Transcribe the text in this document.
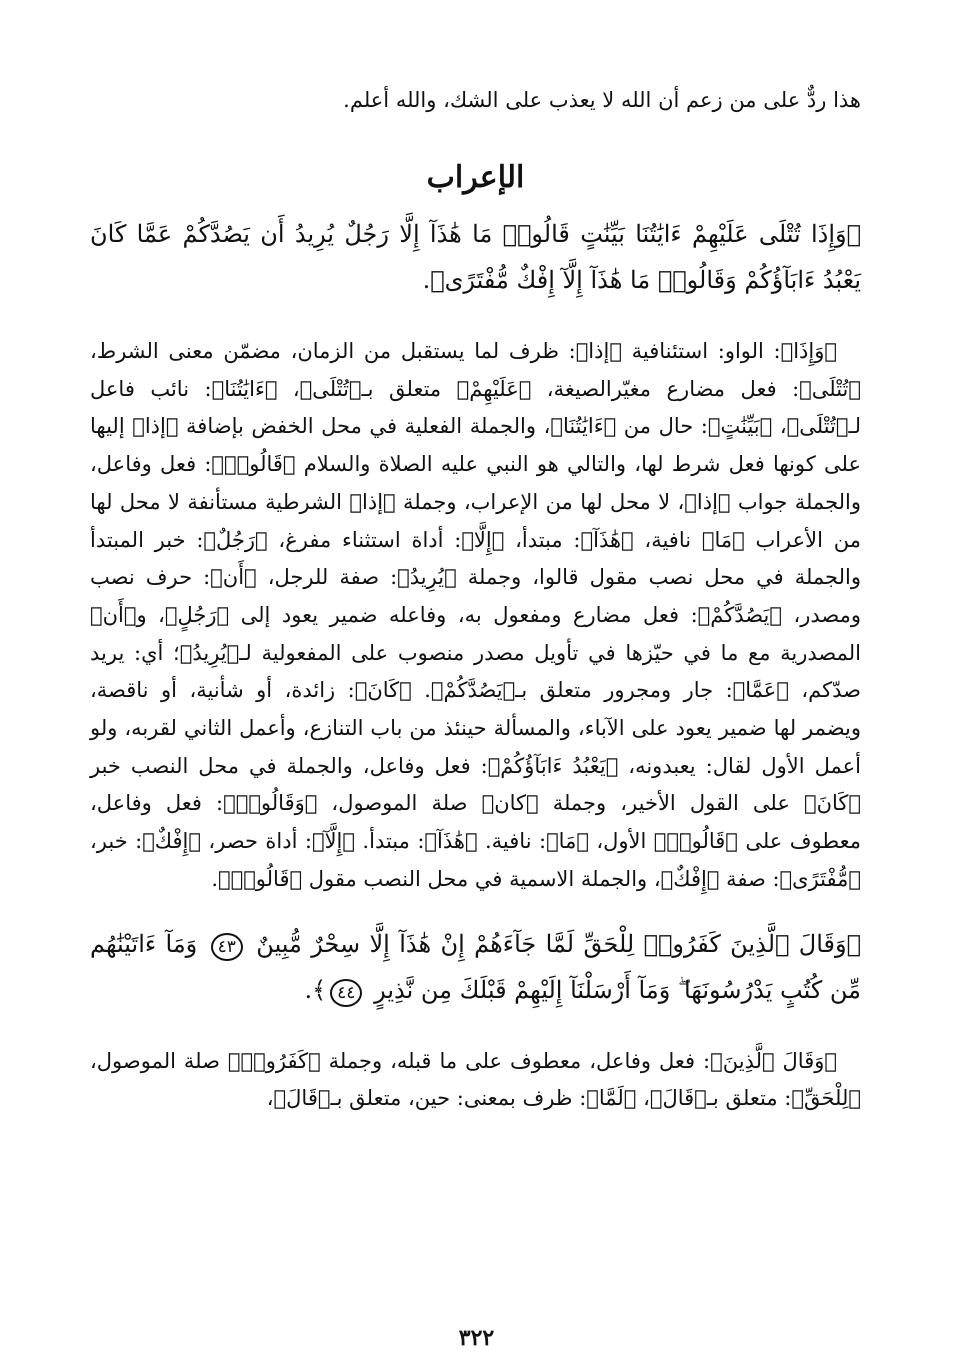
هذا ردٌّ على من زعم أن الله لا يعذب على الشك، والله أعلم.

الإعراب

﴿وَإِذَا تُتْلَى عَلَيْهِمْ ءَايَٰتُنَا بَيِّنَٰتٍ قَالُوا۟ مَا هَٰذَآ إِلَّا رَجُلٌ يُرِيدُ أَن يَصُدَّكُمْ عَمَّا كَانَ يَعْبُدُ ءَابَآؤُكُمْ وَقَالُوا۟ مَا هَٰذَآ إِلَّآ إِفْكٌ مُّفْتَرًى﴾.

﴿وَإِذَا﴾: الواو: استئنافية ﴿إذا﴾: ظرف لما يستقبل من الزمان، مضمّن معنى الشرط، ﴿تُتْلَى﴾: فعل مضارع مغيّرالصيغة، ﴿عَلَيْهِمْ﴾ متعلق بـ﴿تُتْلَى﴾، ﴿ءَايَٰتُنَا﴾: نائب فاعل لـ﴿تُتْلَى﴾، ﴿بَيِّنَٰتٍ﴾: حال من ﴿ءَايَٰتُنَا﴾، والجملة الفعلية في محل الخفض بإضافة ﴿إذا﴾ إليها على كونها فعل شرط لها، والتالي هو النبي عليه الصلاة والسلام ﴿قَالُوا۟﴾: فعل وفاعل، والجملة جواب ﴿إذا﴾، لا محل لها من الإعراب، وجملة ﴿إذا﴾ الشرطية مستأنفة لا محل لها من الأعراب ﴿مَا﴾ نافية، ﴿هَٰذَآ﴾: مبتدأ، ﴿إِلَّا﴾: أداة استثناء مفرغ، ﴿رَجُلٌ﴾: خبر المبتدأ والجملة في محل نصب مقول قالوا، وجملة ﴿يُرِيدُ﴾: صفة للرجل، ﴿أَن﴾: حرف نصب ومصدر، ﴿يَصُدَّكُمْ﴾: فعل مضارع ومفعول به، وفاعله ضمير يعود إلى ﴿رَجُلٍ﴾، و﴿أَن﴾ المصدرية مع ما في حيّزها في تأويل مصدر منصوب على المفعولية لـ﴿يُرِيدُ﴾؛ أي: يريد صدّكم، ﴿عَمَّا﴾: جار ومجرور متعلق بـ﴿يَصُدَّكُمْ﴾. ﴿كَانَ﴾: زائدة، أو شأنية، أو ناقصة، ويضمر لها ضمير يعود على الآباء، والمسألة حينئذ من باب التنازع، وأعمل الثاني لقربه، ولو أعمل الأول لقال: يعبدونه، ﴿يَعْبُدُ ءَابَآؤُكُمْ﴾: فعل وفاعل، والجملة في محل النصب خبر ﴿كَانَ﴾ على القول الأخير، وجملة ﴿كان﴾ صلة الموصول، ﴿وَقَالُوا۟﴾: فعل وفاعل، معطوف على ﴿قَالُوا۟﴾ الأول، ﴿مَا﴾: نافية. ﴿هَٰذَآ﴾: مبتدأ. ﴿إِلَّآ﴾: أداة حصر، ﴿إِفْكٌ﴾: خبر، ﴿مُّفْتَرًى﴾: صفة ﴿إِفْكٌ﴾، والجملة الاسمية في محل النصب مقول ﴿قَالُوا۟﴾.

﴿وَقَالَ ٱلَّذِينَ كَفَرُوا۟ لِلْحَقِّ لَمَّا جَآءَهُمْ إِنْ هَٰذَآ إِلَّا سِحْرٌ مُّبِينٌ ٤٣ وَمَآ ءَاتَيْنَٰهُم مِّن كُتُبٍ يَدْرُسُونَهَا ۖ وَمَآ أَرْسَلْنَآ إِلَيْهِمْ قَبْلَكَ مِن نَّذِيرٍ ٤٤﴾.

﴿وَقَالَ ٱلَّذِينَ﴾: فعل وفاعل، معطوف على ما قبله، وجملة ﴿كَفَرُوا۟﴾ صلة الموصول، ﴿لِلْحَقِّ﴾: متعلق بـ﴿قَالَ﴾، ﴿لَمَّا﴾: ظرف بمعنى: حين، متعلق بـ﴿قَالَ﴾،

٣٢٢
